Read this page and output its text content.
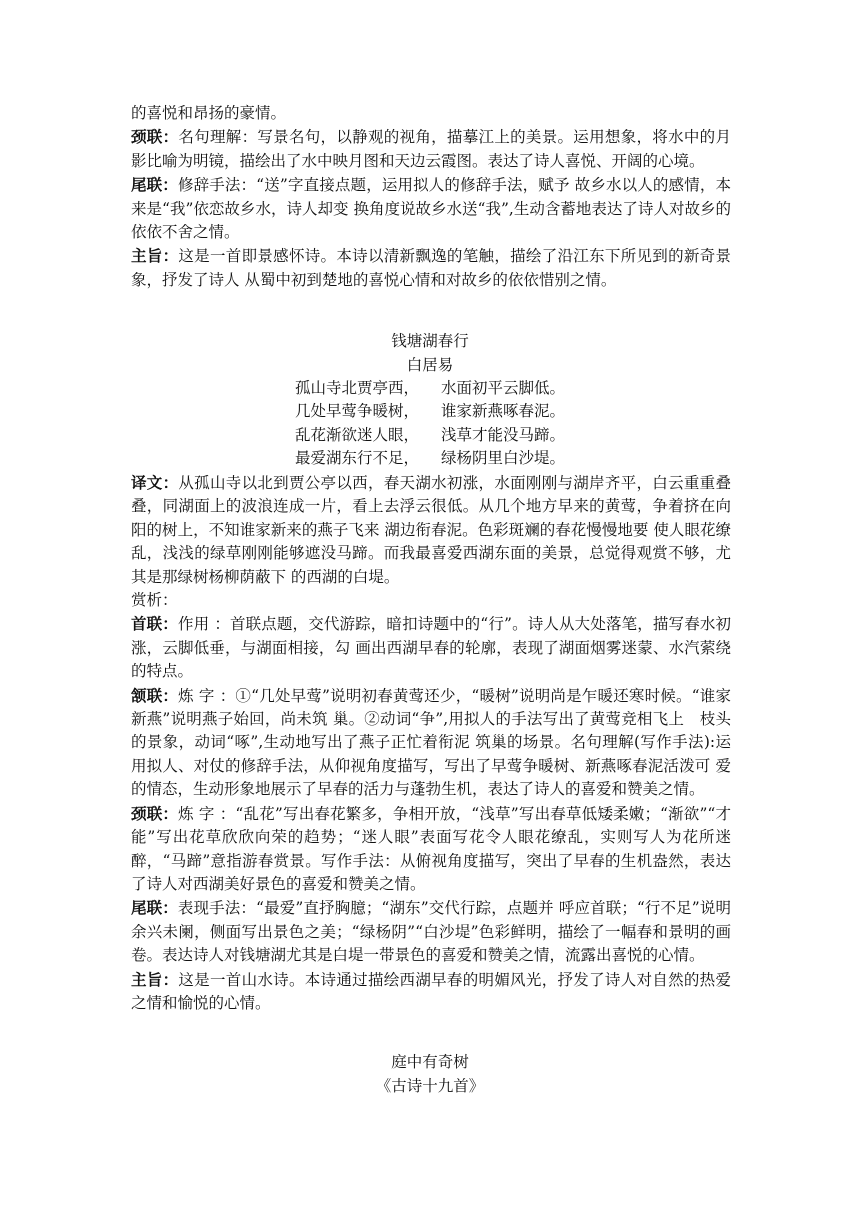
的喜悦和昂扬的豪情。

颈联：名句理解：写景名句，以静观的视角，描摹江上的美景。运用想象，将水中的月影比喻为明镜，描绘出了水中映月图和天边云霞图。表达了诗人喜悦、开阔的心境。

尾联：修辞手法：“送”字直接点题，运用拟人的修辞手法，赋予 故乡水以人的感情，本来是“我”依恋故乡水，诗人却变 换角度说故乡水送“我”,生动含蓄地表达了诗人对故乡的依依不舍之情。

主旨：这是一首即景感怀诗。本诗以清新飘逸的笔触，描绘了沿江东下所见到的新奇景象，抒发了诗人 从蜀中初到楚地的喜悦心情和对故乡的依依惜别之情。

钱塘湖春行

白居易

孤山寺北贾亭西， 水面初平云脚低。

几处早莺争暖树， 谁家新燕啄春泥。

乱花渐欲迷人眼， 浅草才能没马蹄。

最爱湖东行不足， 绿杨阴里白沙堤。

译文：从孤山寺以北到贾公亭以西，春天湖水初涨，水面刚刚与湖岸齐平，白云重重叠叠，同湖面上的波浪连成一片，看上去浮云很低。从几个地方早来的黄莺，争着挤在向阳的树上，不知谁家新来的燕子飞来 湖边衔春泥。色彩斑斓的春花慢慢地要 使人眼花缭乱，浅浅的绿草刚刚能够遮没马蹄。而我最喜爱西湖东面的美景，总觉得观赏不够，尤其是那绿树杨柳荫蔽下 的西湖的白堤。

赏析：

首联：作用 ：首联点题，交代游踪，暗扣诗题中的“行”。诗人从大处落笔，描写春水初涨，云脚低垂，与湖面相接，勾 画出西湖早春的轮廓，表现了湖面烟雾迷蒙、水汽萦绕的特点。

颔联：炼 字 ：①“几处早莺”说明初春黄莺还少，“暖树”说明尚是乍暖还寒时候。“谁家新燕”说明燕子始回，尚未筑 巢。②动词“争”,用拟人的手法写出了黄莺竞相飞上　枝头的景象，动词“啄”,生动地写出了燕子正忙着衔泥 筑巢的场景。名句理解(写作手法):运用拟人、对仗的修辞手法，从仰视角度描写，写出了早莺争暖树、新燕啄春泥活泼可 爱的情态，生动形象地展示了早春的活力与蓬勃生机，表达了诗人的喜爱和赞美之情。

颈联：炼 字 ：“乱花”写出春花繁多，争相开放，“浅草”写出春草低矮柔嫩；“渐欲”“才能”写出花草欣欣向荣的趋势；“迷人眼”表面写花令人眼花缭乱，实则写人为花所迷　醉，“马蹄”意指游春赏景。写作手法：从俯视角度描写，突出了早春的生机盎然，表达了诗人对西湖美好景色的喜爱和赞美之情。

尾联：表现手法：“最爱”直抒胸臆；“湖东”交代行踪，点题并 呼应首联；“行不足”说明余兴未阑，侧面写出景色之美；“绿杨阴”“白沙堤”色彩鲜明，描绘了一幅春和景明的画卷。表达诗人对钱塘湖尤其是白堤一带景色的喜爱和赞美之情，流露出喜悦的心情。

主旨：这是一首山水诗。本诗通过描绘西湖早春的明媚风光，抒发了诗人对自然的热爱之情和愉悦的心情。

庭中有奇树

《古诗十九首》
